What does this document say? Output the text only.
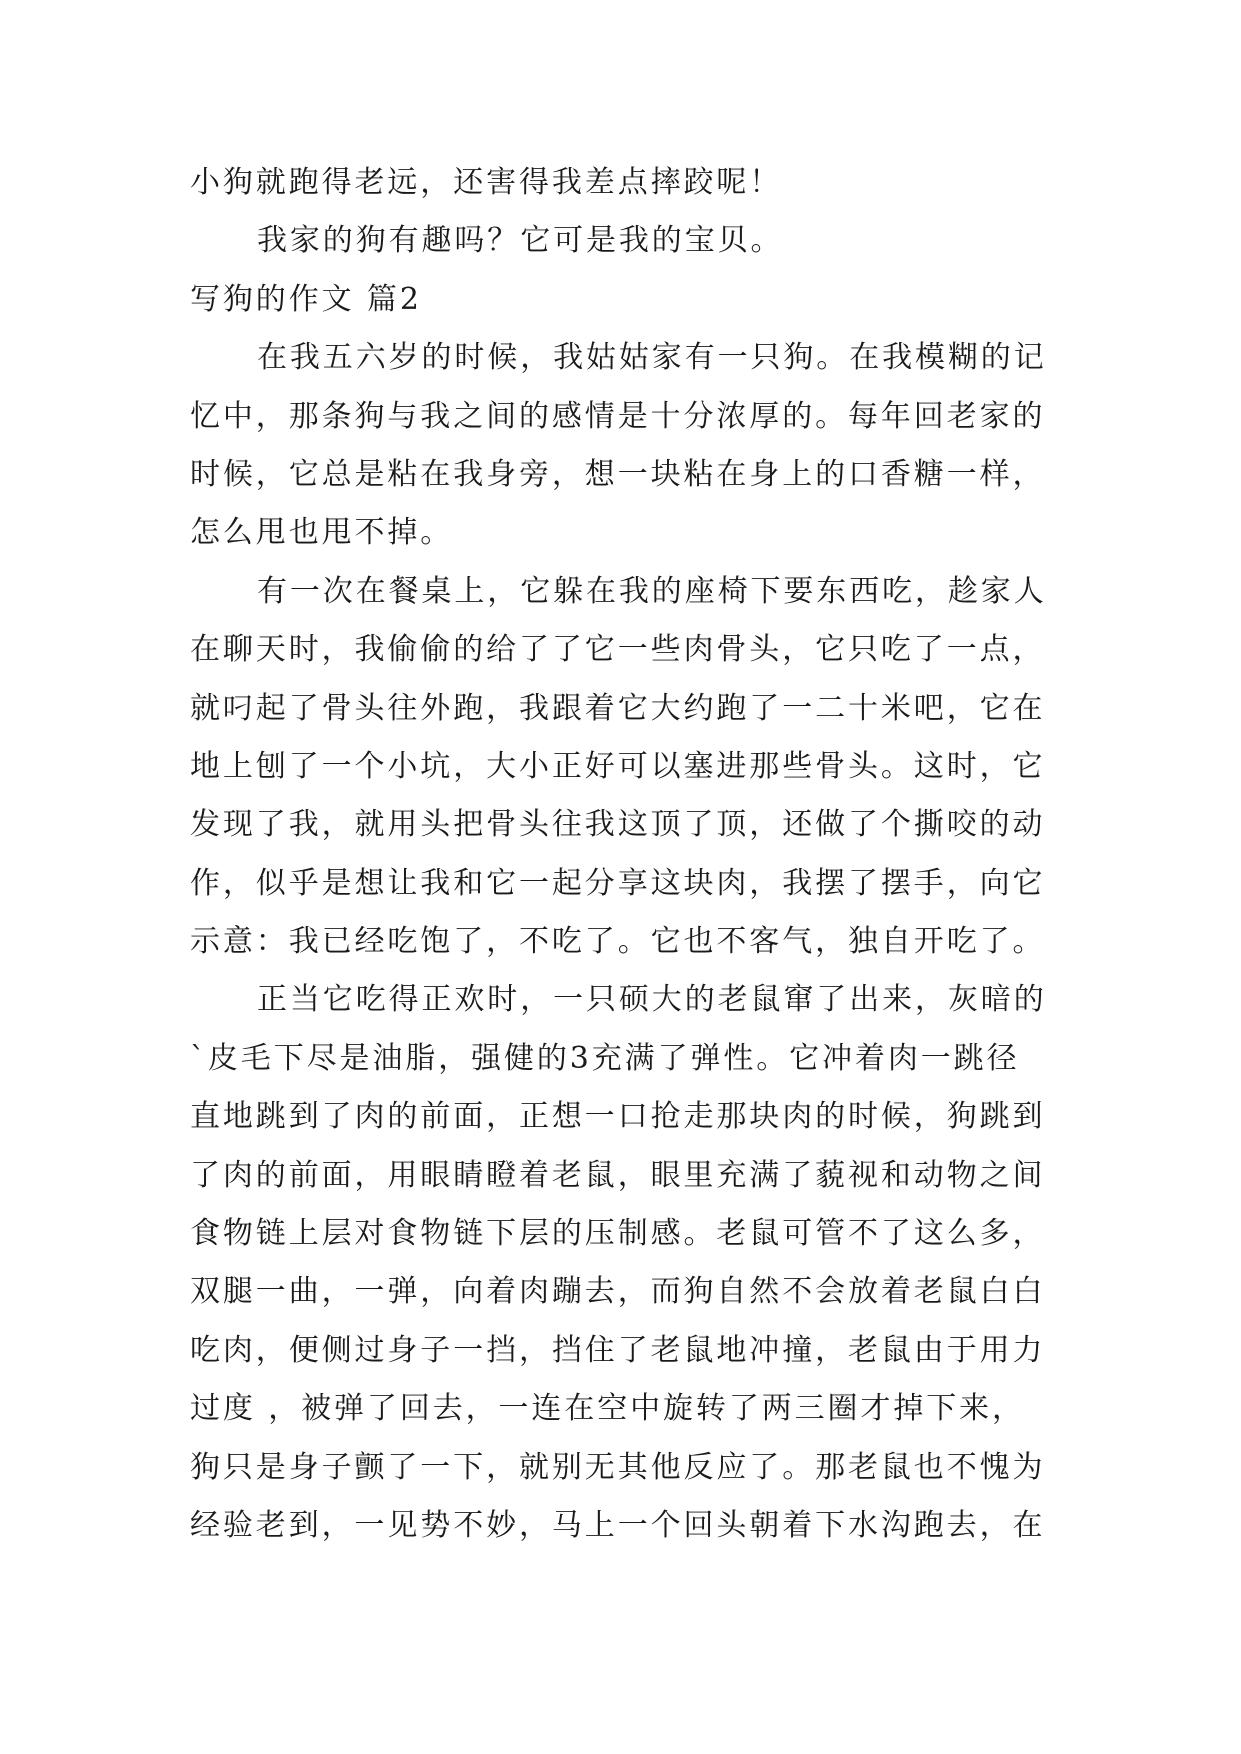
小狗就跑得老远，还害得我差点摔跤呢！

我家的狗有趣吗？它可是我的宝贝。

写狗的作文 篇2

在我五六岁的时候，我姑姑家有一只狗。在我模糊的记

忆中，那条狗与我之间的感情是十分浓厚的。每年回老家的

时候，它总是粘在我身旁，想一块粘在身上的口香糖一样，

怎么甩也甩不掉。

有一次在餐桌上，它躲在我的座椅下要东西吃，趁家人

在聊天时，我偷偷的给了了它一些肉骨头，它只吃了一点，

就叼起了骨头往外跑，我跟着它大约跑了一二十米吧，它在

地上刨了一个小坑，大小正好可以塞进那些骨头。这时，它

发现了我，就用头把骨头往我这顶了顶，还做了个撕咬的动

作，似乎是想让我和它一起分享这块肉，我摆了摆手，向它

示意：我已经吃饱了，不吃了。它也不客气，独自开吃了。

正当它吃得正欢时，一只硕大的老鼠窜了出来，灰暗的

`皮毛下尽是油脂，强健的3充满了弹性。它冲着肉一跳径

直地跳到了肉的前面，正想一口抢走那块肉的时候，狗跳到

了肉的前面，用眼睛瞪着老鼠，眼里充满了藐视和动物之间

食物链上层对食物链下层的压制感。老鼠可管不了这么多，

双腿一曲，一弹，向着肉蹦去，而狗自然不会放着老鼠白白

吃肉，便侧过身子一挡，挡住了老鼠地冲撞，老鼠由于用力

过度 ，被弹了回去，一连在空中旋转了两三圈才掉下来，

狗只是身子颤了一下，就别无其他反应了。那老鼠也不愧为

经验老到，一见势不妙，马上一个回头朝着下水沟跑去，在
